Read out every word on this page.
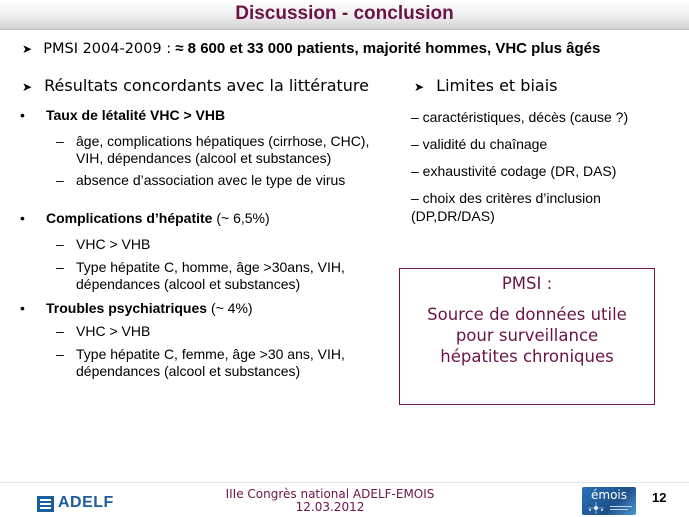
Discussion - conclusion
➤ PMSI 2004-2009 : ≈ 8 600 et 33 000 patients, majorité hommes, VHC plus âgés
➤ Résultats concordants avec la littérature	➤ Limites et biais
• Taux de létalité VHC > VHB
– âge, complications hépatiques (cirrhose, CHC), VIH, dépendances (alcool et substances)
– absence d’association avec le type de virus
• Complications d’hépatite (~ 6,5%)
– VHC > VHB
– Type hépatite C, homme, âge >30ans, VIH, dépendances (alcool et substances)
• Troubles psychiatriques (~ 4%)
– VHC > VHB
– Type hépatite C, femme, âge >30 ans, VIH, dépendances (alcool et substances)
– caractéristiques, décès (cause ?)
– validité du chaînage
– exhaustivité codage (DR, DAS)
– choix des critères d’inclusion (DP,DR/DAS)
PMSI :
Source de données utile
pour surveillance
hépatites chroniques
ADELF	IIIe Congrès national ADELF-EMOIS
12.03.2012
émois	12
